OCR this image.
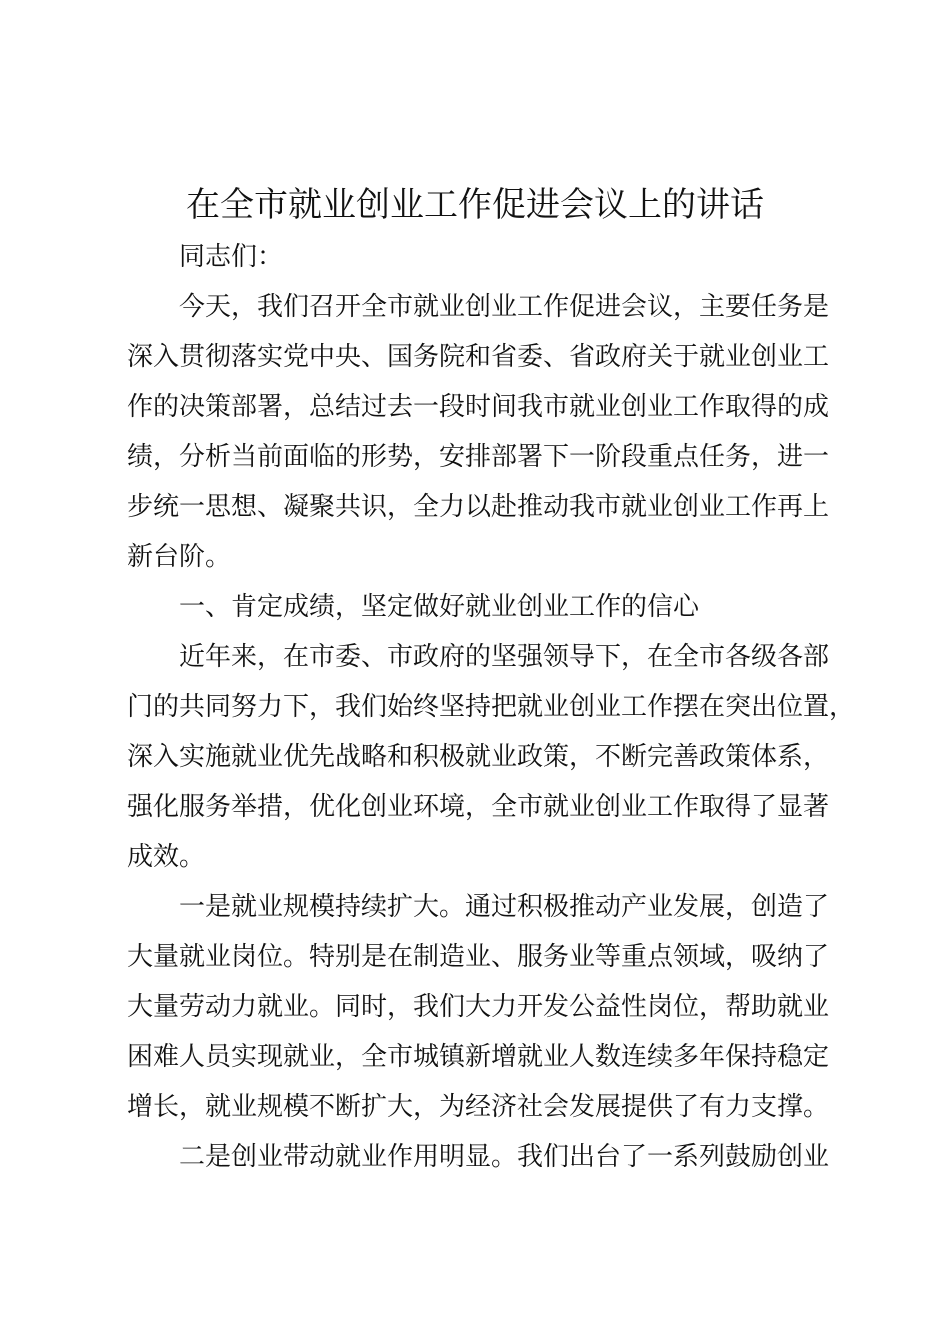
在全市就业创业工作促进会议上的讲话
同志们：
今天，我们召开全市就业创业工作促进会议，主要任务是
深入贯彻落实党中央、国务院和省委、省政府关于就业创业工
作的决策部署，总结过去一段时间我市就业创业工作取得的成
绩，分析当前面临的形势，安排部署下一阶段重点任务，进一
步统一思想、凝聚共识，全力以赴推动我市就业创业工作再上
新台阶。
一、肯定成绩，坚定做好就业创业工作的信心
近年来，在市委、市政府的坚强领导下，在全市各级各部
门的共同努力下，我们始终坚持把就业创业工作摆在突出位置，
深入实施就业优先战略和积极就业政策，不断完善政策体系，
强化服务举措，优化创业环境，全市就业创业工作取得了显著
成效。
一是就业规模持续扩大。通过积极推动产业发展，创造了
大量就业岗位。特别是在制造业、服务业等重点领域，吸纳了
大量劳动力就业。同时，我们大力开发公益性岗位，帮助就业
困难人员实现就业，全市城镇新增就业人数连续多年保持稳定
增长，就业规模不断扩大，为经济社会发展提供了有力支撑。
二是创业带动就业作用明显。我们出台了一系列鼓励创业
